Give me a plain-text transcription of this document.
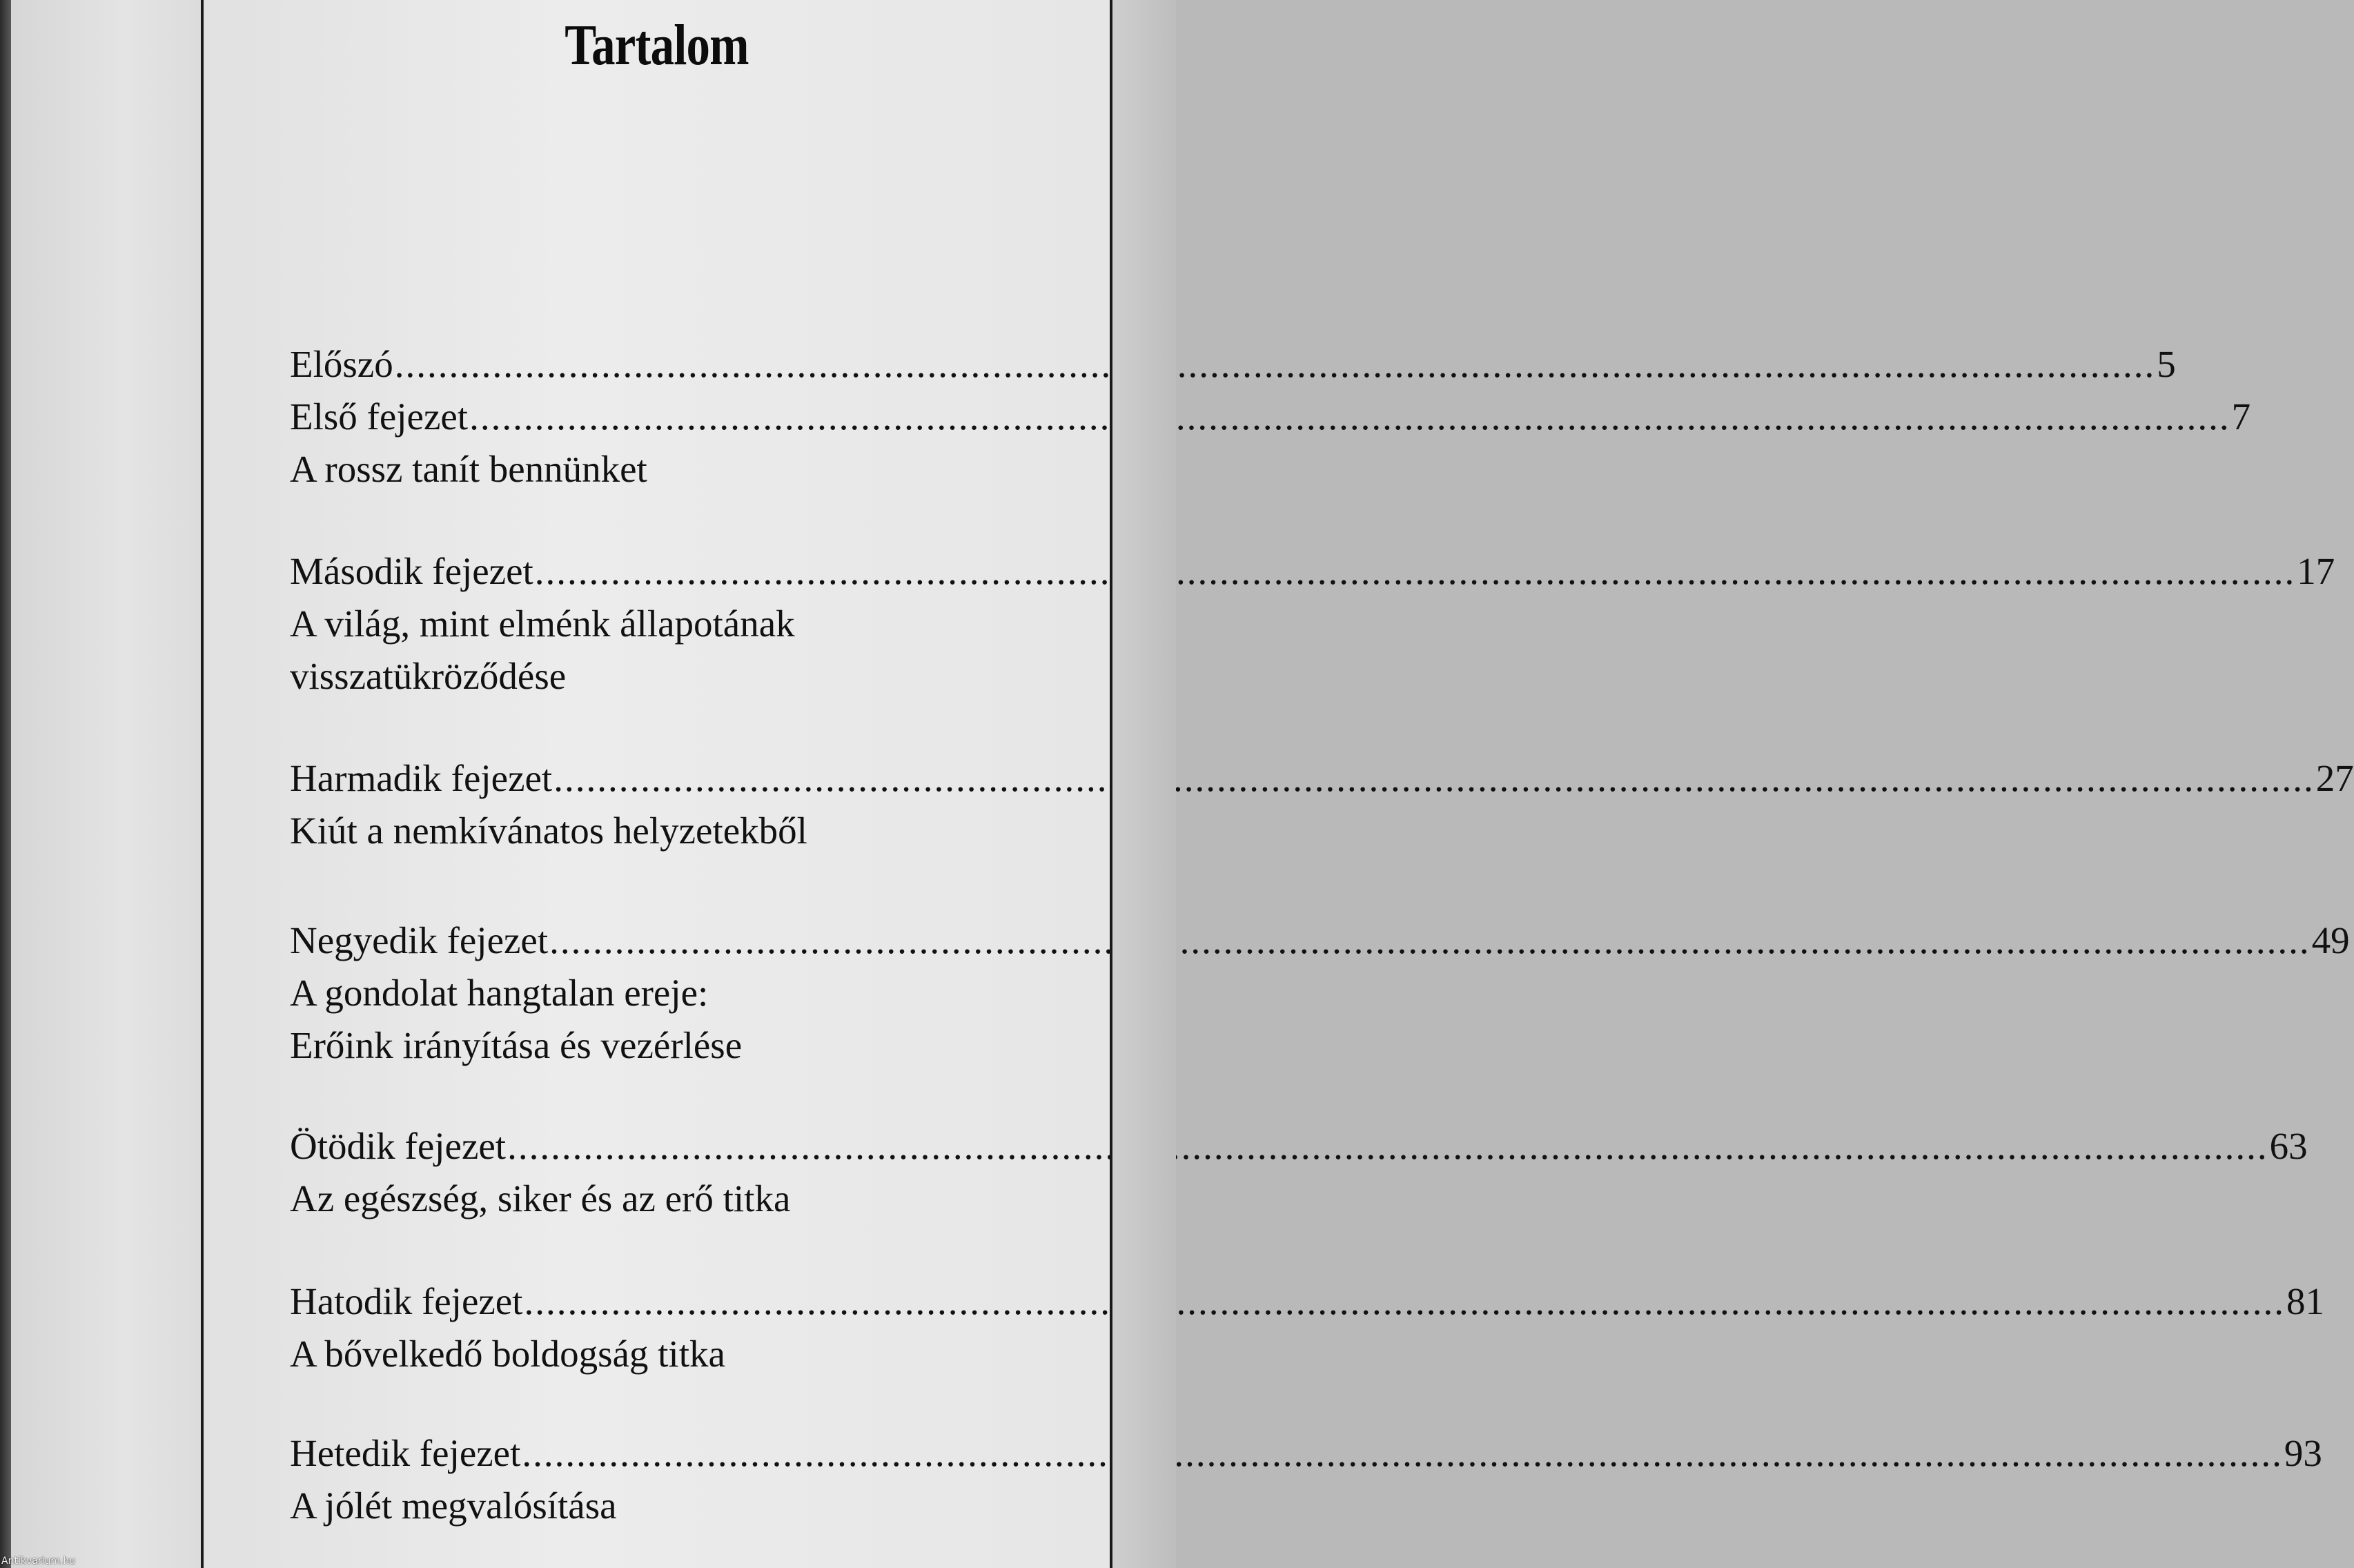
Tartalom
Előszó .....	5
Első fejezet .....	7
A rossz tanít bennünket
Második fejezet .....	17
A világ, mint elménk állapotának
visszatükröződése
Harmadik fejezet .....	27
Kiút a nemkívánatos helyzetekből
Negyedik fejezet .....	49
A gondolat hangtalan ereje:
Erőink irányítása és vezérlése
Ötödik fejezet .....	63
Az egészség, siker és az erő titka
Hatodik fejezet .....	81
A bővelkedő boldogság titka
Hetedik fejezet .....	93
A jólét megvalósítása
Antikvarium.hu
